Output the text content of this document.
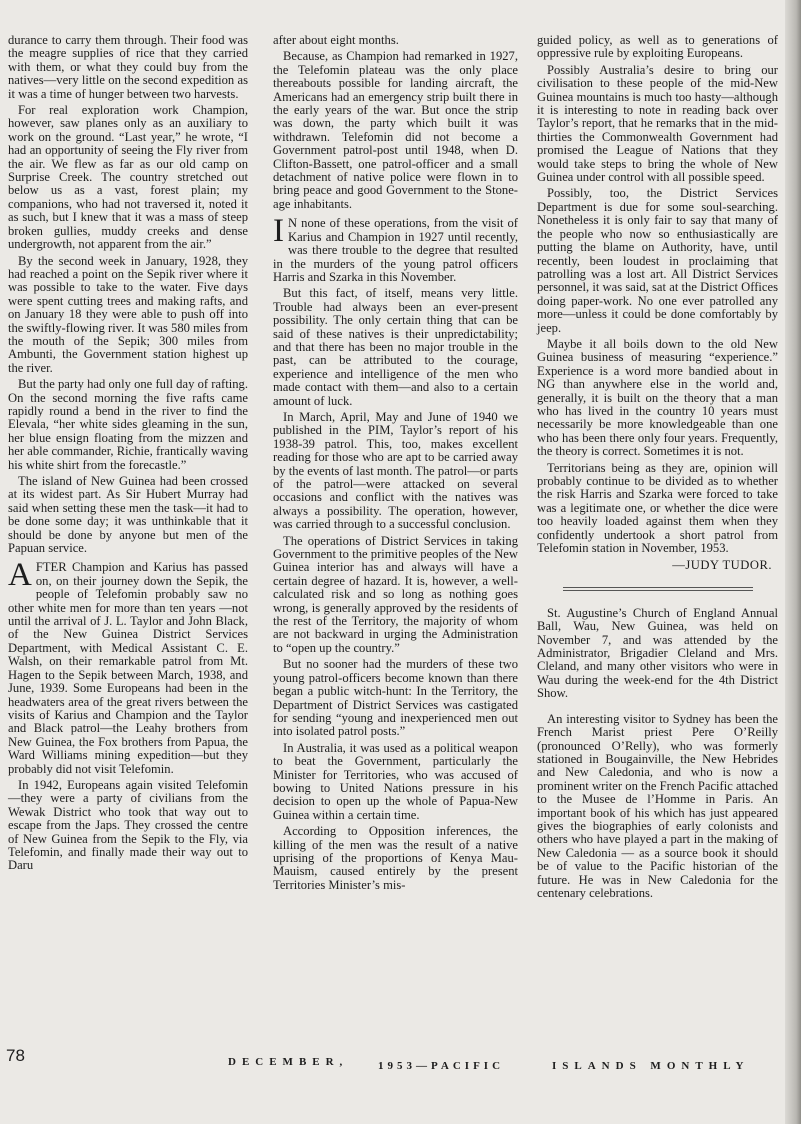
durance to carry them through. Their food was the meagre supplies of rice that they carried with them, or what they could buy from the natives—very little on the second expedition as it was a time of hunger between two harvests.

For real exploration work Champion, however, saw planes only as an auxiliary to work on the ground. “Last year,” he wrote, “I had an opportunity of seeing the Fly river from the air. We flew as far as our old camp on Surprise Creek. The country stretched out below us as a vast, forest plain; my companions, who had not traversed it, noted it as such, but I knew that it was a mass of steep broken gullies, muddy creeks and dense undergrowth, not apparent from the air.”

By the second week in January, 1928, they had reached a point on the Sepik river where it was possible to take to the water. Five days were spent cutting trees and making rafts, and on January 18 they were able to push off into the swiftly-flowing river. It was 580 miles from the mouth of the Sepik; 300 miles from Ambunti, the Government station highest up the river.

But the party had only one full day of rafting. On the second morning the five rafts came rapidly round a bend in the river to find the Elevala, “her white sides gleaming in the sun, her blue ensign floating from the mizzen and her able commander, Richie, frantically waving his white shirt from the forecastle.”

The island of New Guinea had been crossed at its widest part. As Sir Hubert Murray had said when setting these men the task—it had to be done some day; it was unthinkable that it should be done by anyone but men of the Papuan service.

AFTER Champion and Karius has passed on, on their journey down the Sepik, the people of Telefomin probably saw no other white men for more than ten years —not until the arrival of J. L. Taylor and John Black, of the New Guinea District Services Department, with Medical Assistant C. E. Walsh, on their remarkable patrol from Mt. Hagen to the Sepik between March, 1938, and June, 1939. Some Europeans had been in the headwaters area of the great rivers between the visits of Karius and Champion and the Taylor and Black patrol—the Leahy brothers from New Guinea, the Fox brothers from Papua, the Ward Williams mining expedition—but they probably did not visit Telefomin.

In 1942, Europeans again visited Telefomin—they were a party of civilians from the Wewak District who took that way out to escape from the Japs. They crossed the centre of New Guinea from the Sepik to the Fly, via Telefomin, and finally made their way out to Daru

after about eight months.

Because, as Champion had remarked in 1927, the Telefomin plateau was the only place thereabouts possible for landing aircraft, the Americans had an emergency strip built there in the early years of the war. But once the strip was down, the party which built it was withdrawn. Telefomin did not become a Government patrol-post until 1948, when D. Clifton-Bassett, one patrol-officer and a small detachment of native police were flown in to bring peace and good Government to the Stone-age inhabitants.

I N none of these operations, from the visit of Karius and Champion in 1927 until recently, was there trouble to the degree that resulted in the murders of the young patrol officers Harris and Szarka in this November.

But this fact, of itself, means very little. Trouble had always been an ever-present possibility. The only certain thing that can be said of these natives is their unpredictability; and that there has been no major trouble in the past, can be attributed to the courage, experience and intelligence of the men who made contact with them—and also to a certain amount of luck.

In March, April, May and June of 1940 we published in the PIM, Taylor’s report of his 1938-39 patrol. This, too, makes excellent reading for those who are apt to be carried away by the events of last month. The patrol—or parts of the patrol—were attacked on several occasions and conflict with the natives was always a possibility. The operation, however, was carried through to a successful conclusion.

The operations of District Services in taking Government to the primitive peoples of the New Guinea interior has and always will have a certain degree of hazard. It is, however, a well-calculated risk and so long as nothing goes wrong, is generally approved by the residents of the rest of the Territory, the majority of whom are not backward in urging the Administration to “open up the country.”

But no sooner had the murders of these two young patrol-officers become known than there began a public witch-hunt: In the Territory, the Department of District Services was castigated for sending “young and inexperienced men out into isolated patrol posts.”

In Australia, it was used as a political weapon to beat the Government, particularly the Minister for Territories, who was accused of bowing to United Nations pressure in his decision to open up the whole of Papua-New Guinea within a certain time.

According to Opposition inferences, the killing of the men was the result of a native uprising of the proportions of Kenya Mau-Mauism, caused entirely by the present Territories Minister’s mis-

guided policy, as well as to generations of oppressive rule by exploiting Europeans.

Possibly Australia’s desire to bring our civilisation to these people of the mid-New Guinea mountains is much too hasty—although it is interesting to note in reading back over Taylor’s report, that he remarks that in the mid-thirties the Commonwealth Government had promised the League of Nations that they would take steps to bring the whole of New Guinea under control with all possible speed.

Possibly, too, the District Services Department is due for some soul-searching. Nonetheless it is only fair to say that many of the people who now so enthusiastically are putting the blame on Authority, have, until recently, been loudest in proclaiming that patrolling was a lost art. All District Services personnel, it was said, sat at the District Offices doing paper-work. No one ever patrolled any more—unless it could be done comfortably by jeep.

Maybe it all boils down to the old New Guinea business of measuring “experience.” Experience is a word more bandied about in NG than anywhere else in the world and, generally, it is built on the theory that a man who has lived in the country 10 years must necessarily be more knowledgeable than one who has been there only four years. Frequently, the theory is correct. Sometimes it is not.

Territorians being as they are, opinion will probably continue to be divided as to whether the risk Harris and Szarka were forced to take was a legitimate one, or whether the dice were too heavily loaded against them when they confidently undertook a short patrol from Telefomin station in November, 1953.

—JUDY TUDOR.

St. Augustine’s Church of England Annual Ball, Wau, New Guinea, was held on November 7, and was attended by the Administrator, Brigadier Cleland and Mrs. Cleland, and many other visitors who were in Wau during the week-end for the 4th District Show.

An interesting visitor to Sydney has been the French Marist priest Pere O’Reilly (pronounced O’Relly), who was formerly stationed in Bougainville, the New Hebrides and New Caledonia, and who is now a prominent writer on the French Pacific attached to the Musee de l’Homme in Paris. An important book of his which has just appeared gives the biographies of early colonists and others who have played a part in the making of New Caledonia — as a source book it should be of value to the Pacific historian of the future. He was in New Caledonia for the centenary celebrations.

78	DECEMBER,	1953—PACIFIC	ISLANDS MONTHLY
